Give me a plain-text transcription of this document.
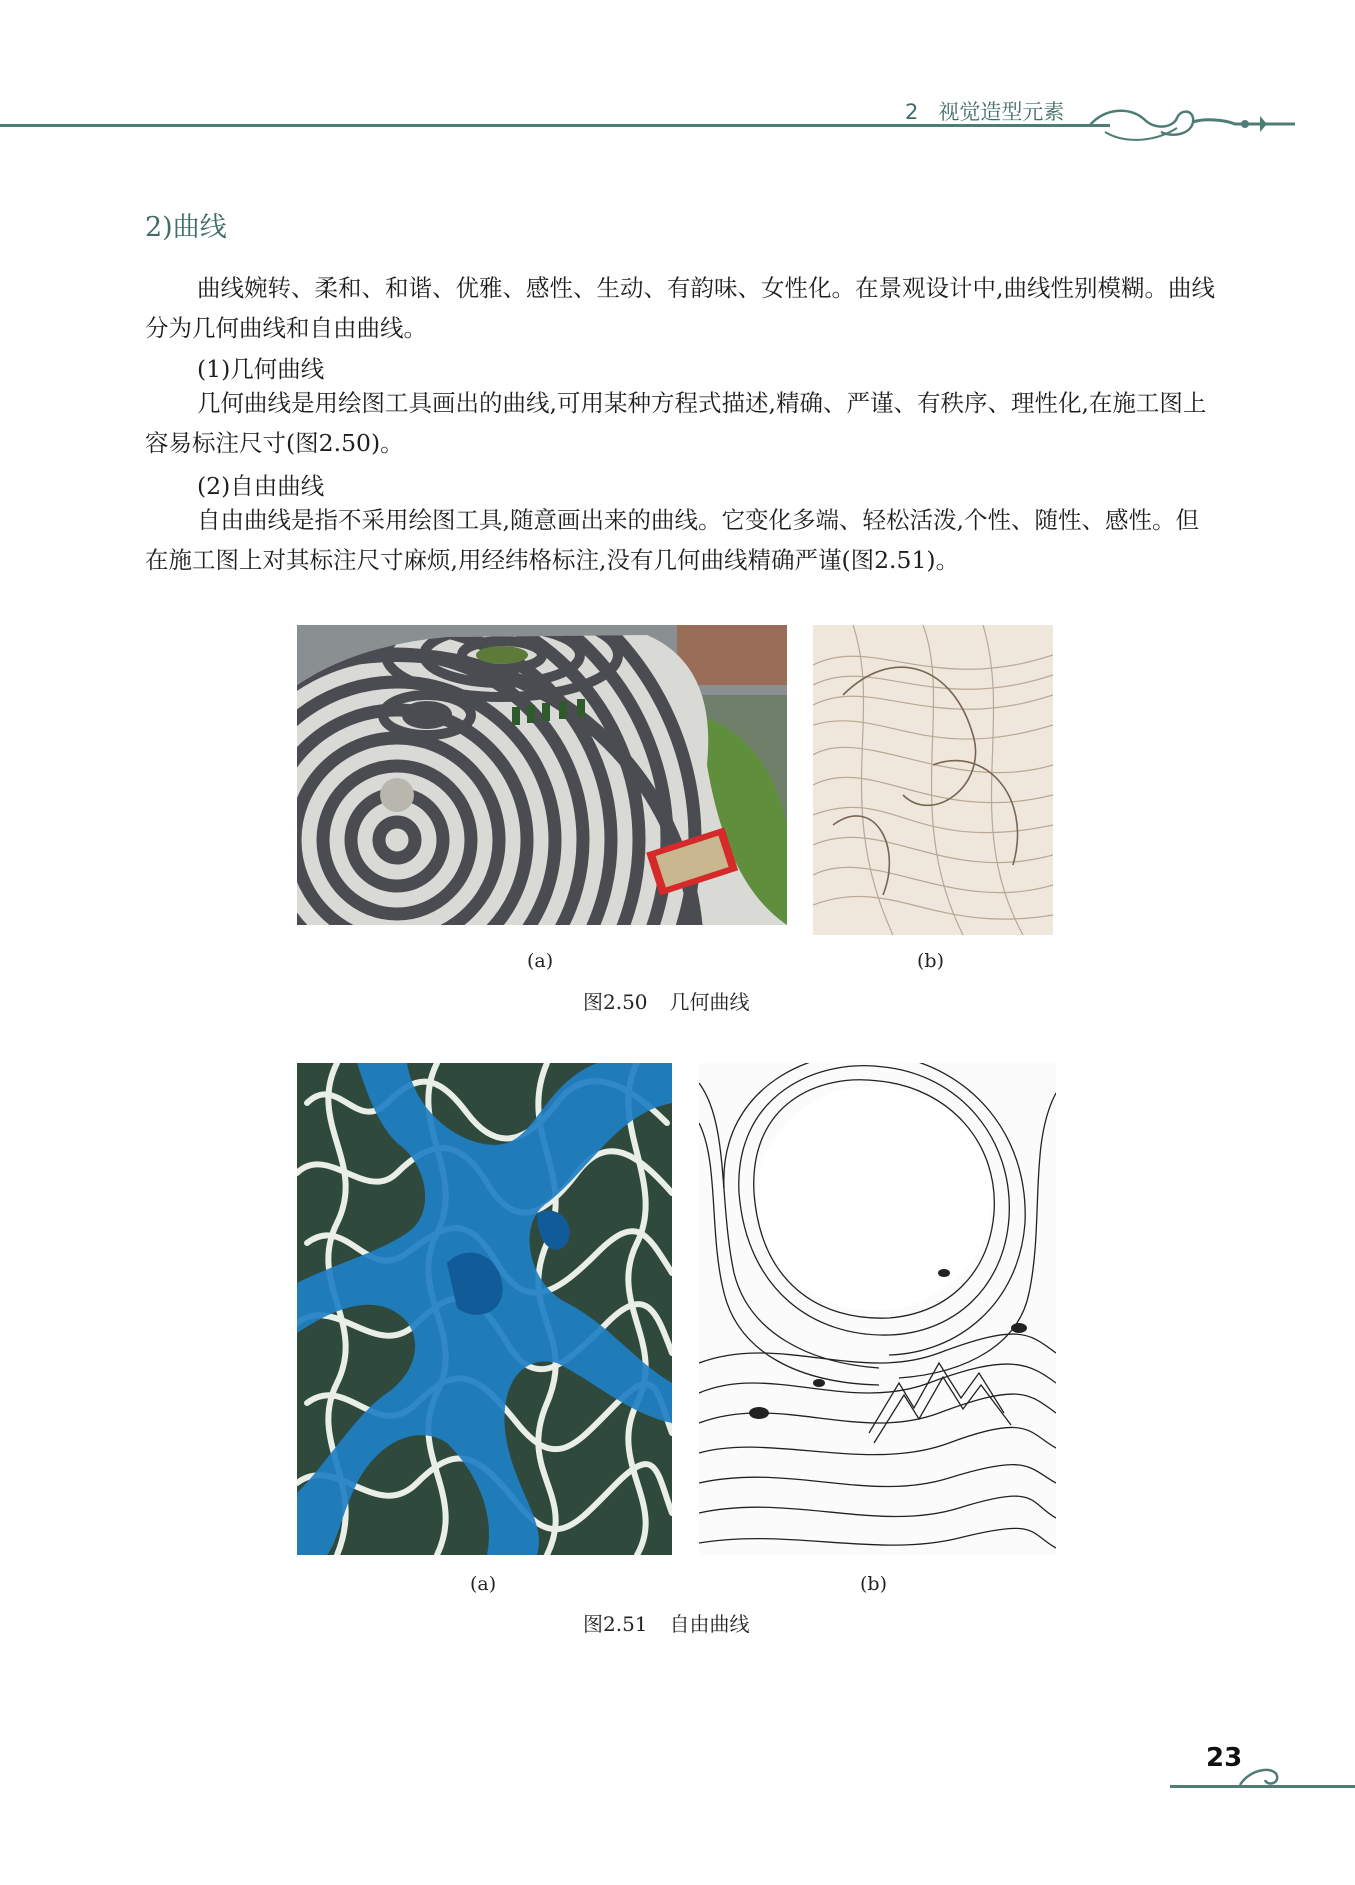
2 视觉造型元素
2)曲线

曲线婉转、柔和、和谐、优雅、感性、生动、有韵味、女性化。在景观设计中,曲线性别模糊。曲线分为几何曲线和自由曲线。

(1)几何曲线

几何曲线是用绘图工具画出的曲线,可用某种方程式描述,精确、严谨、有秩序、理性化,在施工图上容易标注尺寸(图2.50)。

(2)自由曲线

自由曲线是指不采用绘图工具,随意画出来的曲线。它变化多端、轻松活泼,个性、随性、感性。但在施工图上对其标注尺寸麻烦,用经纬格标注,没有几何曲线精确严谨(图2.51)。

(a)	(b)
图2.50 几何曲线
(a)	(b)
图2.51 自由曲线
23
